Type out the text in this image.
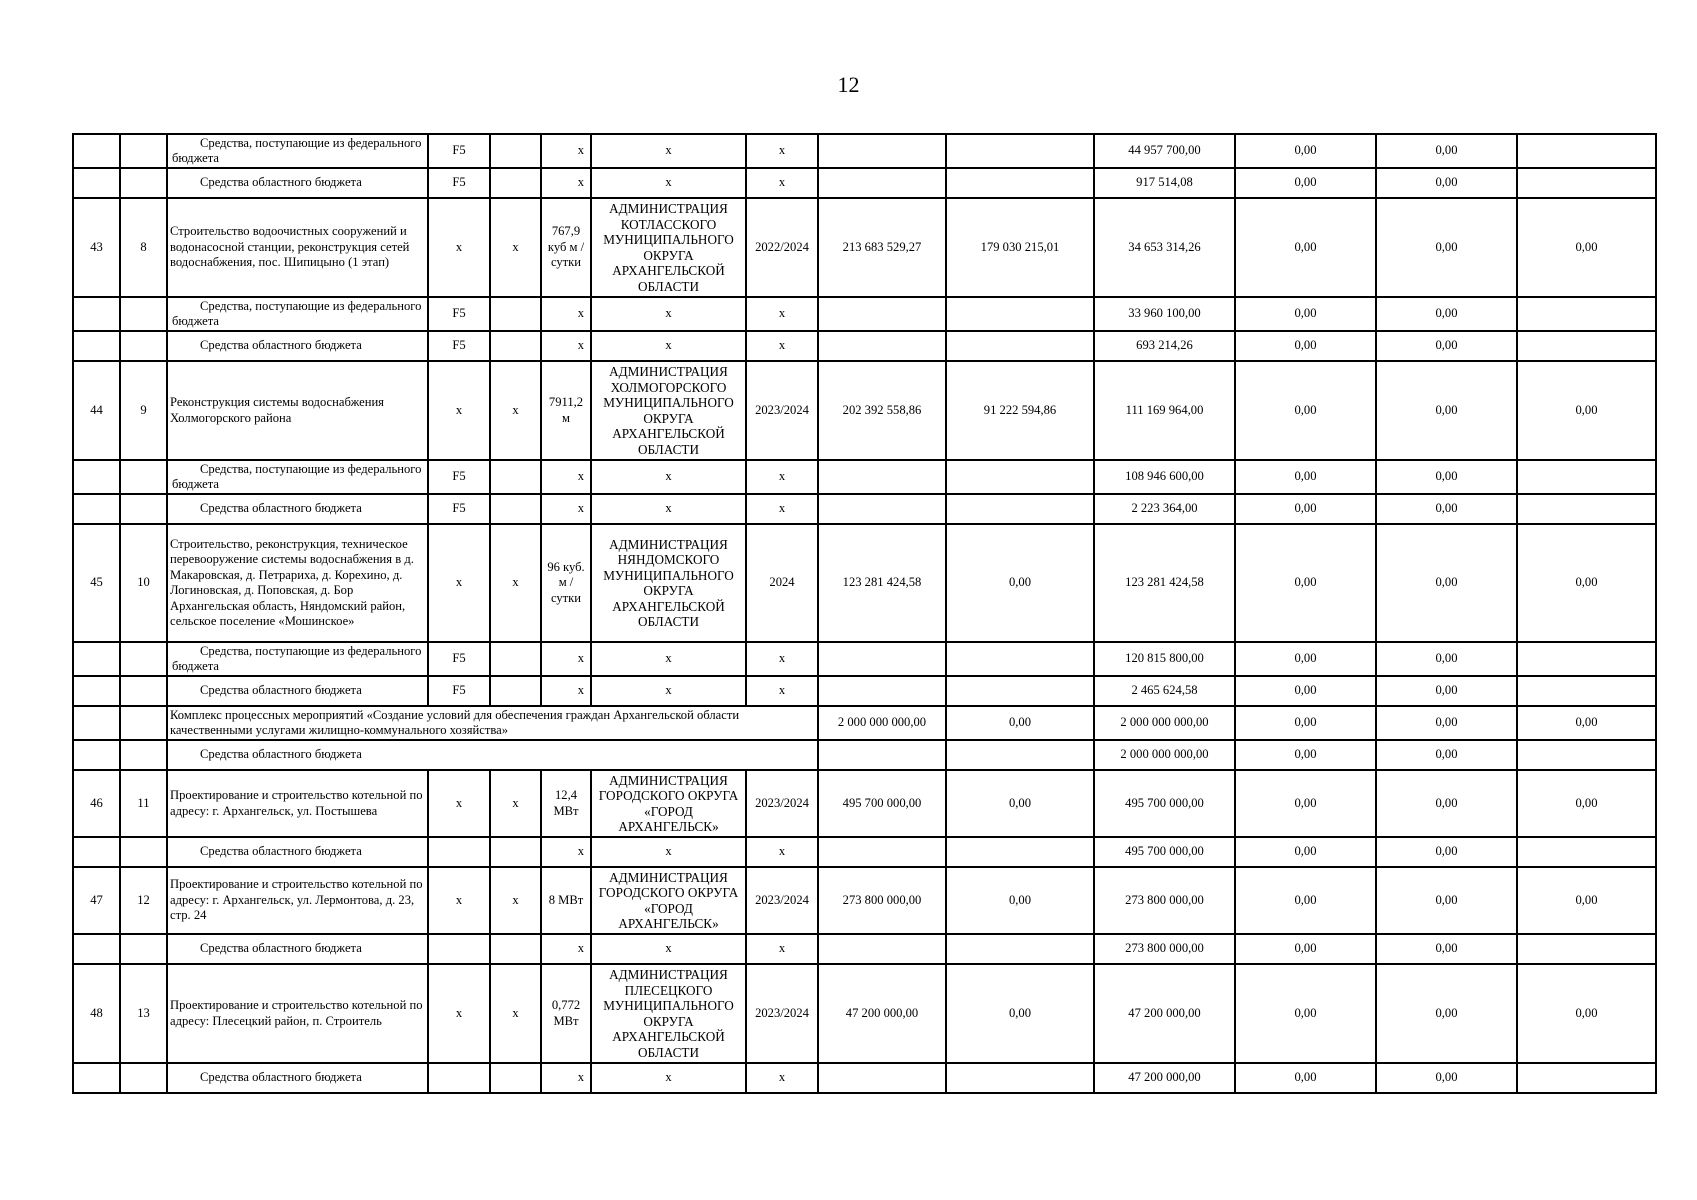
12

		Средства, поступающие из федерального бюджета	F5		x	x	x			44 957 700,00	0,00	0,00	

		Средства областного бюджета	F5		x	x	x			917 514,08	0,00	0,00	
43	8	Строительство водоочистных сооружений и водонасосной станции, реконструкция сетей водоснабжения, пос. Шипицыно (1 этап)	x	x	767,9 куб м / сутки	АДМИНИСТРАЦИЯ КОТЛАССКОГО МУНИЦИПАЛЬНОГО ОКРУГА АРХАНГЕЛЬСКОЙ ОБЛАСТИ	2022/2024	213 683 529,27	179 030 215,01	34 653 314,26	0,00	0,00	0,00

		Средства, поступающие из федерального бюджета	F5		x	x	x			33 960 100,00	0,00	0,00	

		Средства областного бюджета	F5		x	x	x			693 214,26	0,00	0,00	
44	9	Реконструкция системы водоснабжения Холмогорского района	x	x	7911,2 м	АДМИНИСТРАЦИЯ ХОЛМОГОРСКОГО МУНИЦИПАЛЬНОГО ОКРУГА АРХАНГЕЛЬСКОЙ ОБЛАСТИ	2023/2024	202 392 558,86	91 222 594,86	111 169 964,00	0,00	0,00	0,00

		Средства, поступающие из федерального бюджета	F5		x	x	x			108 946 600,00	0,00	0,00	

		Средства областного бюджета	F5		x	x	x			2 223 364,00	0,00	0,00	
45	10	Строительство, реконструкция, техническое перевооружение системы водоснабжения в д. Макаровская, д. Петрариха, д. Корехино, д. Логиновская, д. Поповская, д. Бор Архангельская область, Няндомский район, сельское поселение «Мошинское»	x	x	96 куб. м / сутки	АДМИНИСТРАЦИЯ НЯНДОМСКОГО МУНИЦИПАЛЬНОГО ОКРУГА АРХАНГЕЛЬСКОЙ ОБЛАСТИ	2024	123 281 424,58	0,00	123 281 424,58	0,00	0,00	0,00

		Средства, поступающие из федерального бюджета	F5		x	x	x			120 815 800,00	0,00	0,00	

		Средства областного бюджета	F5		x	x	x			2 465 624,58	0,00	0,00	
		Комплекс процессных мероприятий «Создание условий для обеспечения граждан Архангельской области качественными услугами жилищно-коммунального хозяйства»						2 000 000 000,00	0,00	2 000 000 000,00	0,00	0,00	0,00

		Средства областного бюджета								2 000 000 000,00	0,00	0,00	
46	11	Проектирование и строительство котельной по адресу: г. Архангельск, ул. Постышева	x	x	12,4 МВт	АДМИНИСТРАЦИЯ ГОРОДСКОГО ОКРУГА «ГОРОД АРХАНГЕЛЬСК»	2023/2024	495 700 000,00	0,00	495 700 000,00	0,00	0,00	0,00

		Средства областного бюджета			x	x	x			495 700 000,00	0,00	0,00	
47	12	Проектирование и строительство котельной по адресу: г. Архангельск, ул. Лермонтова, д. 23, стр. 24	x	x	8 МВт	АДМИНИСТРАЦИЯ ГОРОДСКОГО ОКРУГА «ГОРОД АРХАНГЕЛЬСК»	2023/2024	273 800 000,00	0,00	273 800 000,00	0,00	0,00	0,00

		Средства областного бюджета			x	x	x			273 800 000,00	0,00	0,00	
48	13	Проектирование и строительство котельной по адресу: Плесецкий район, п. Строитель	x	x	0,772 МВт	АДМИНИСТРАЦИЯ ПЛЕСЕЦКОГО МУНИЦИПАЛЬНОГО ОКРУГА АРХАНГЕЛЬСКОЙ ОБЛАСТИ	2023/2024	47 200 000,00	0,00	47 200 000,00	0,00	0,00	0,00

		Средства областного бюджета			x	x	x			47 200 000,00	0,00	0,00	
